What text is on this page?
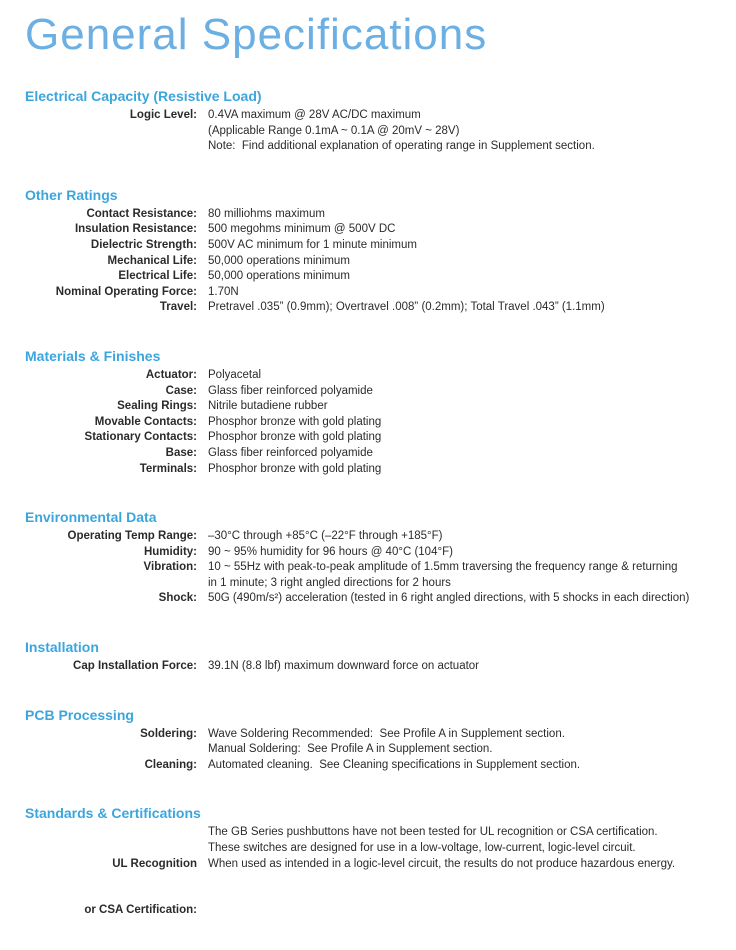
General Specifications
Electrical Capacity (Resistive Load)
Logic Level: 0.4VA maximum @ 28V AC/DC maximum
(Applicable Range 0.1mA ~ 0.1A @ 20mV ~ 28V)
Note:  Find additional explanation of operating range in Supplement section.
Other Ratings
Contact Resistance: 80 milliohms maximum
Insulation Resistance: 500 megohms minimum @ 500V DC
Dielectric Strength: 500V AC minimum for 1 minute minimum
Mechanical Life: 50,000 operations minimum
Electrical Life: 50,000 operations minimum
Nominal Operating Force: 1.70N
Travel: Pretravel .035” (0.9mm); Overtravel .008” (0.2mm); Total Travel .043” (1.1mm)
Materials & Finishes
Actuator: Polyacetal
Case: Glass fiber reinforced polyamide
Sealing Rings: Nitrile butadiene rubber
Movable Contacts: Phosphor bronze with gold plating
Stationary Contacts: Phosphor bronze with gold plating
Base: Glass fiber reinforced polyamide
Terminals: Phosphor bronze with gold plating
Environmental Data
Operating Temp Range: –30°C through +85°C (–22°F through +185°F)
Humidity: 90 ~ 95% humidity for 96 hours @ 40°C (104°F)
Vibration: 10 ~ 55Hz with peak-to-peak amplitude of 1.5mm traversing the frequency range & returning
in 1 minute; 3 right angled directions for 2 hours
Shock: 50G (490m/s²) acceleration (tested in 6 right angled directions, with 5 shocks in each direction)
Installation
Cap Installation Force: 39.1N (8.8 lbf) maximum downward force on actuator
PCB Processing
Soldering: Wave Soldering Recommended:  See Profile A in Supplement section.
Manual Soldering:  See Profile A in Supplement section.
Cleaning: Automated cleaning.  See Cleaning specifications in Supplement section.
Standards & Certifications

UL Recognition

or CSA Certification:

The GB Series pushbuttons have not been tested for UL recognition or CSA certification.
These switches are designed for use in a low-voltage, low-current, logic-level circuit.
When used as intended in a logic-level circuit, the results do not produce hazardous energy.
